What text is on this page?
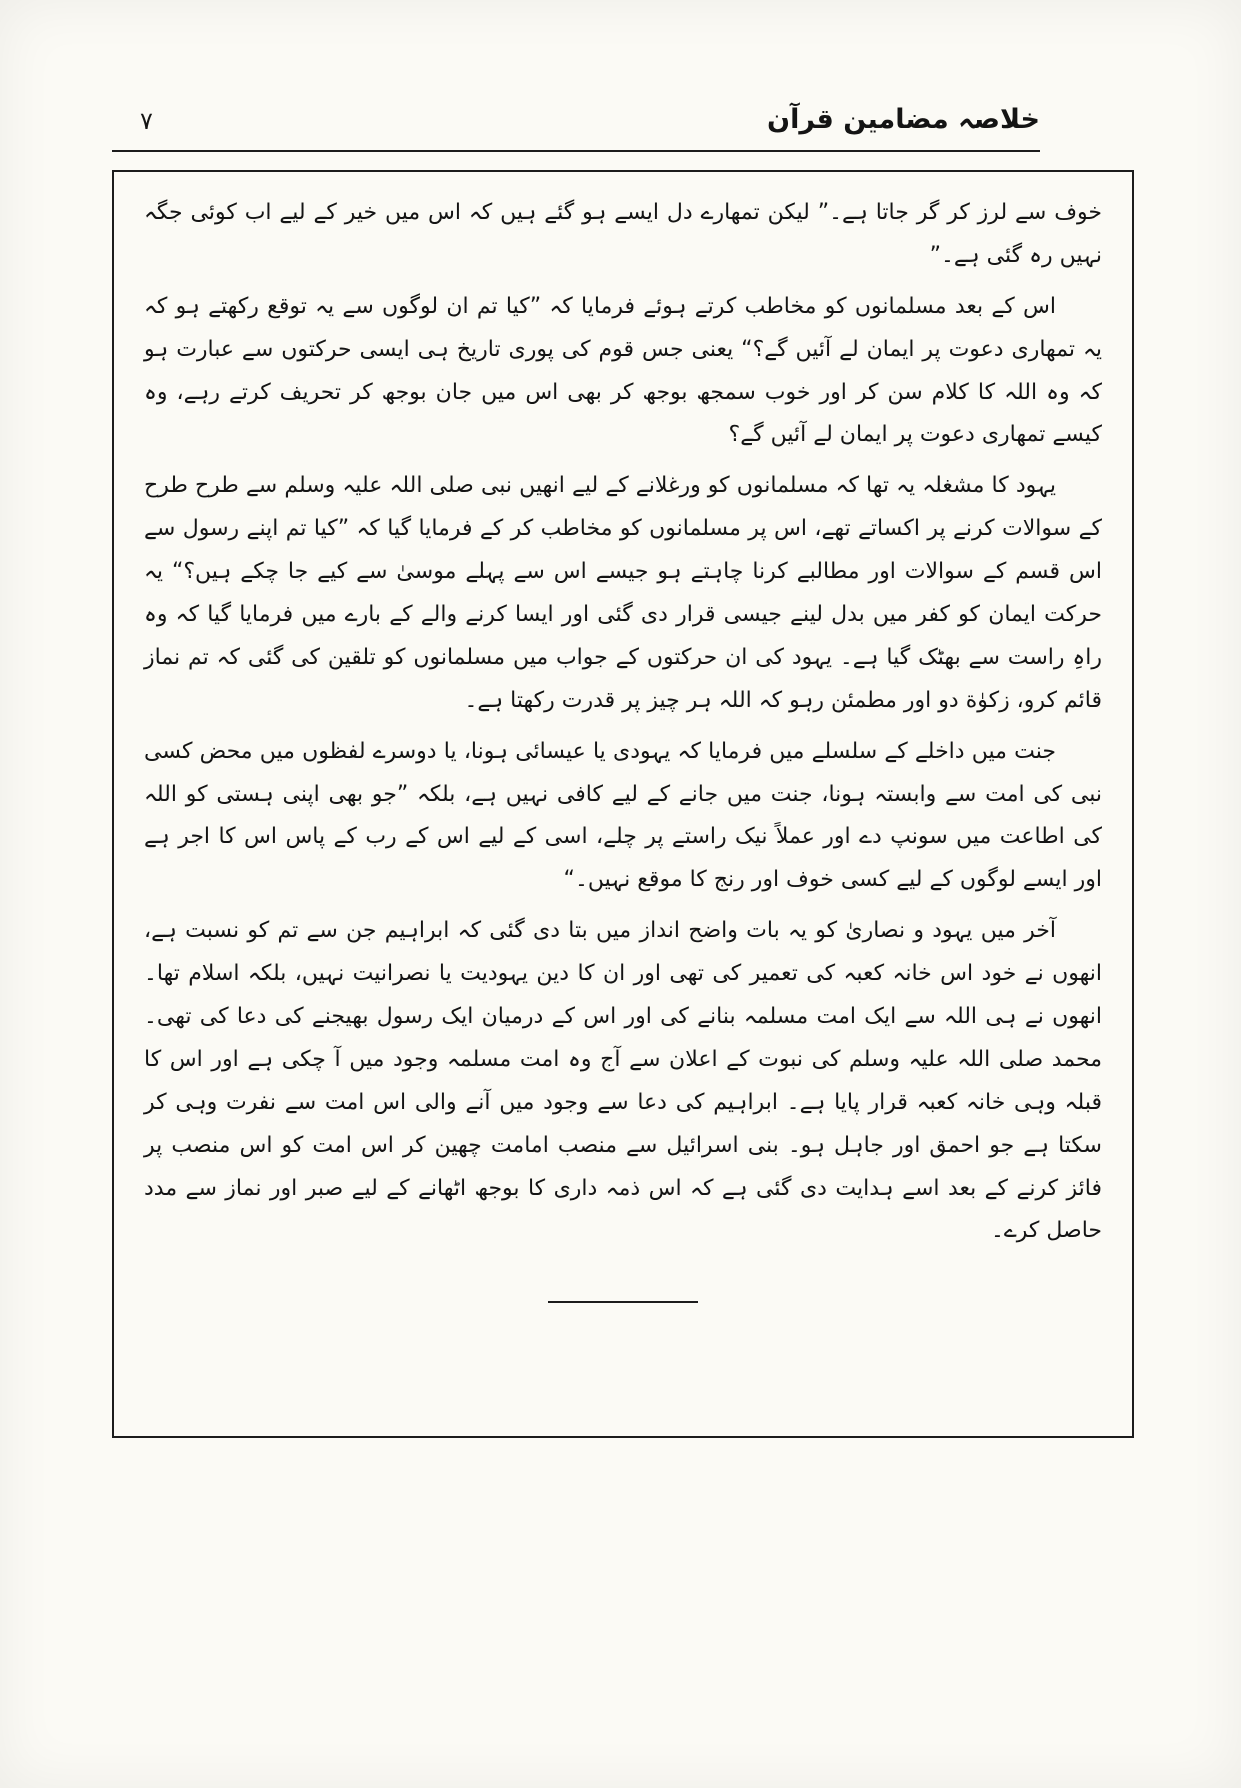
۷	خلاصہ مضامین قرآن

خوف سے لرز کر گر جاتا ہے۔” لیکن تمھارے دل ایسے ہو گئے ہیں کہ اس میں خیر کے لیے اب کوئی جگہ نہیں رہ گئی ہے۔”

اس کے بعد مسلمانوں کو مخاطب کرتے ہوئے فرمایا کہ ”کیا تم ان لوگوں سے یہ توقع رکھتے ہو کہ یہ تمھاری دعوت پر ایمان لے آئیں گے؟“ یعنی جس قوم کی پوری تاریخ ہی ایسی حرکتوں سے عبارت ہو کہ وہ اللہ کا کلام سن کر اور خوب سمجھ بوجھ کر بھی اس میں جان بوجھ کر تحریف کرتے رہے، وہ کیسے تمھاری دعوت پر ایمان لے آئیں گے؟

یہود کا مشغلہ یہ تھا کہ مسلمانوں کو ورغلانے کے لیے انھیں نبی صلی اللہ علیہ وسلم سے طرح طرح کے سوالات کرنے پر اکساتے تھے، اس پر مسلمانوں کو مخاطب کر کے فرمایا گیا کہ ”کیا تم اپنے رسول سے اس قسم کے سوالات اور مطالبے کرنا چاہتے ہو جیسے اس سے پہلے موسیٰ سے کیے جا چکے ہیں؟“ یہ حرکت ایمان کو کفر میں بدل لینے جیسی قرار دی گئی اور ایسا کرنے والے کے بارے میں فرمایا گیا کہ وہ راہِ راست سے بھٹک گیا ہے۔ یہود کی ان حرکتوں کے جواب میں مسلمانوں کو تلقین کی گئی کہ تم نماز قائم کرو، زکوٰة دو اور مطمئن رہو کہ اللہ ہر چیز پر قدرت رکھتا ہے۔

جنت میں داخلے کے سلسلے میں فرمایا کہ یہودی یا عیسائی ہونا، یا دوسرے لفظوں میں محض کسی نبی کی امت سے وابستہ ہونا، جنت میں جانے کے لیے کافی نہیں ہے، بلکہ ”جو بھی اپنی ہستی کو اللہ کی اطاعت میں سونپ دے اور عملاً نیک راستے پر چلے، اسی کے لیے اس کے رب کے پاس اس کا اجر ہے اور ایسے لوگوں کے لیے کسی خوف اور رنج کا موقع نہیں۔“

آخر میں یہود و نصاریٰ کو یہ بات واضح انداز میں بتا دی گئی کہ ابراہیم جن سے تم کو نسبت ہے، انھوں نے خود اس خانہ کعبہ کی تعمیر کی تھی اور ان کا دین یہودیت یا نصرانیت نہیں، بلکہ اسلام تھا۔ انھوں نے ہی اللہ سے ایک امت مسلمہ بنانے کی اور اس کے درمیان ایک رسول بھیجنے کی دعا کی تھی۔ محمد صلی اللہ علیہ وسلم کی نبوت کے اعلان سے آج وہ امت مسلمہ وجود میں آ چکی ہے اور اس کا قبلہ وہی خانہ کعبہ قرار پایا ہے۔ ابراہیم کی دعا سے وجود میں آنے والی اس امت سے نفرت وہی کر سکتا ہے جو احمق اور جاہل ہو۔ بنی اسرائیل سے منصب امامت چھین کر اس امت کو اس منصب پر فائز کرنے کے بعد اسے ہدایت دی گئی ہے کہ اس ذمہ داری کا بوجھ اٹھانے کے لیے صبر اور نماز سے مدد حاصل کرے۔
